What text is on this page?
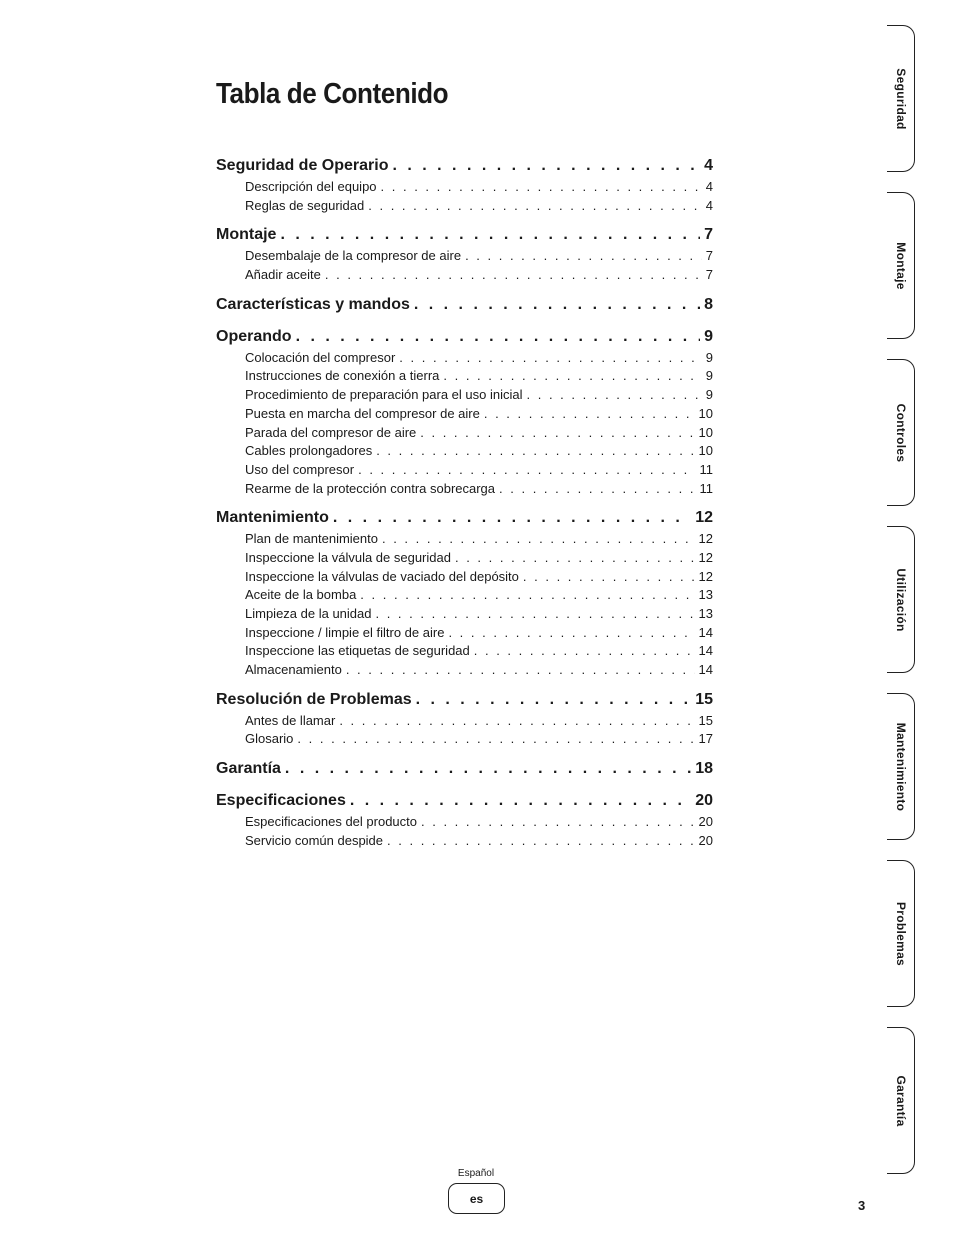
Tabla de Contenido
Seguridad de Operario . . .	4
Descripción del equipo . . .	4
Reglas de seguridad . . .	4
Montaje . . .	7
Desembalaje de la compresor de aire . . .	7
Añadir aceite . . .	7
Características y mandos . . .	8
Operando . . .	9
Colocación del compresor . . .	9
Instrucciones de conexión a tierra . . .	9
Procedimiento de preparación para el uso inicial . . .	9
Puesta en marcha del compresor de aire . . .	10
Parada del compresor de aire . . .	10
Cables prolongadores . . .	10
Uso del compresor . . .	11
Rearme de la protección contra sobrecarga . . .	11
Mantenimiento . . .	12
Plan de mantenimiento . . .	12
Inspeccione la válvula de seguridad . . .	12
Inspeccione la válvulas de vaciado del depósito . . .	12
Aceite de la bomba . . .	13
Limpieza de la unidad . . .	13
Inspeccione / limpie el filtro de aire . . .	14
Inspeccione las etiquetas de seguridad . . .	14
Almacenamiento . . .	14
Resolución de Problemas . . .	15
Antes de llamar . . .	15
Glosario . . .	17
Garantía . . .	18
Especificaciones . . .	20
Especificaciones del producto . . .	20
Servicio común despide . . .	20
Seguridad
Montaje
Controles
Utilización
Mantenimiento
Problemas
Garantía
Español
es	3
